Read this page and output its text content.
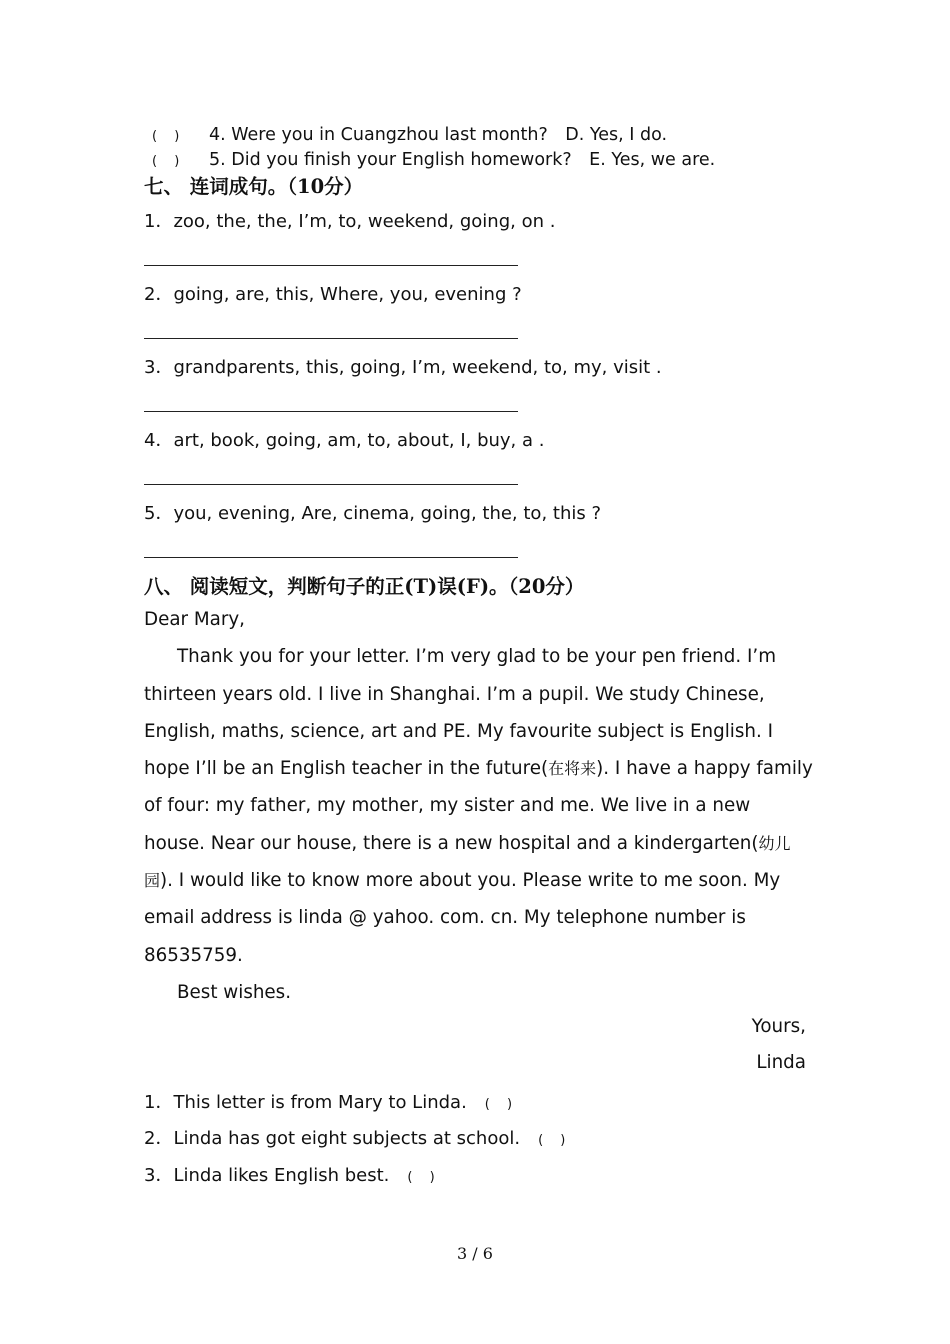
(　 ) 4. Were you in Cuangzhou last month?　D. Yes, I do.
(　 ) 5. Did you finish your English homework?　E. Yes, we are.
七、 连词成句。（10分）
1．zoo, the, the, I’m, to, weekend, going, on .
2．going, are, this, Where, you, evening ?
3．grandparents, this, going, I’m, weekend, to, my, visit .
4．art, book, going, am, to, about, I, buy, a .
5．you, evening, Are, cinema, going, the, to, this ?
八、 阅读短文，判断句子的正(T)误(F)。（20分）

Dear Mary,

Thank you for your letter. I’m very glad to be your pen friend. I’m thirteen years old. I live in Shanghai. I’m a pupil. We study Chinese, English, maths, science, art and PE. My favourite subject is English. I hope I’ll be an English teacher in the future(在将来). I have a happy family of four: my father, my mother, my sister and me. We live in a new house. Near our house, there is a new hospital and a kindergarten(幼儿园). I would like to know more about you. Please write to me soon. My email address is linda @ yahoo. com. cn. My telephone number is 86535759.

Best wishes.

Yours,
Linda
1．This letter is from Mary to Linda. (　 )
2．Linda has got eight subjects at school. (　 )
3．Linda likes English best. (　 )
3 / 6
